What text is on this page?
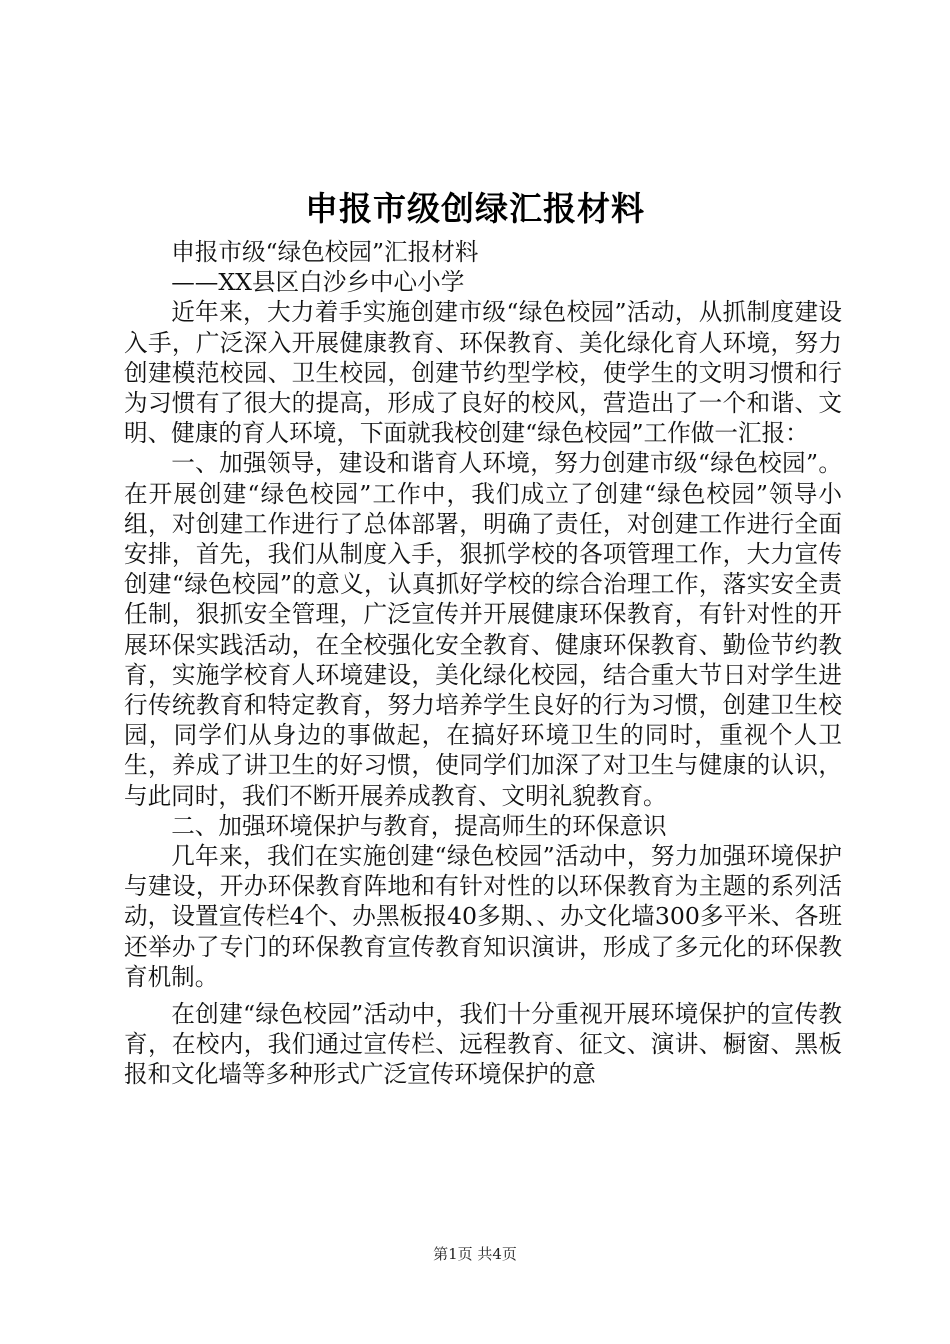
申报市级创绿汇报材料

申报市级“绿色校园”汇报材料

——XX县区白沙乡中心小学

近年来，大力着手实施创建市级“绿色校园”活动，从抓制度建设入手，广泛深入开展健康教育、环保教育、美化绿化育人环境，努力创建模范校园、卫生校园，创建节约型学校，使学生的文明习惯和行为习惯有了很大的提高，形成了良好的校风，营造出了一个和谐、文明、健康的育人环境，下面就我校创建“绿色校园”工作做一汇报：

一、加强领导，建设和谐育人环境，努力创建市级“绿色校园”。在开展创建“绿色校园”工作中，我们成立了创建“绿色校园”领导小组，对创建工作进行了总体部署，明确了责任，对创建工作进行全面安排，首先，我们从制度入手，狠抓学校的各项管理工作，大力宣传创建“绿色校园”的意义，认真抓好学校的综合治理工作，落实安全责任制，狠抓安全管理，广泛宣传并开展健康环保教育，有针对性的开展环保实践活动，在全校强化安全教育、健康环保教育、勤俭节约教育，实施学校育人环境建设，美化绿化校园，结合重大节日对学生进行传统教育和特定教育，努力培养学生良好的行为习惯，创建卫生校园，同学们从身边的事做起，在搞好环境卫生的同时，重视个人卫生，养成了讲卫生的好习惯，使同学们加深了对卫生与健康的认识，与此同时，我们不断开展养成教育、文明礼貌教育。

二、加强环境保护与教育，提高师生的环保意识

几年来，我们在实施创建“绿色校园”活动中，努力加强环境保护与建设，开办环保教育阵地和有针对性的以环保教育为主题的系列活动，设置宣传栏4个、办黑板报40多期、、办文化墙300多平米、各班还举办了专门的环保教育宣传教育知识演讲，形成了多元化的环保教育机制。

在创建“绿色校园”活动中，我们十分重视开展环境保护的宣传教育，在校内，我们通过宣传栏、远程教育、征文、演讲、橱窗、黑板报和文化墙等多种形式广泛宣传环境保护的意

第1页 共4页
